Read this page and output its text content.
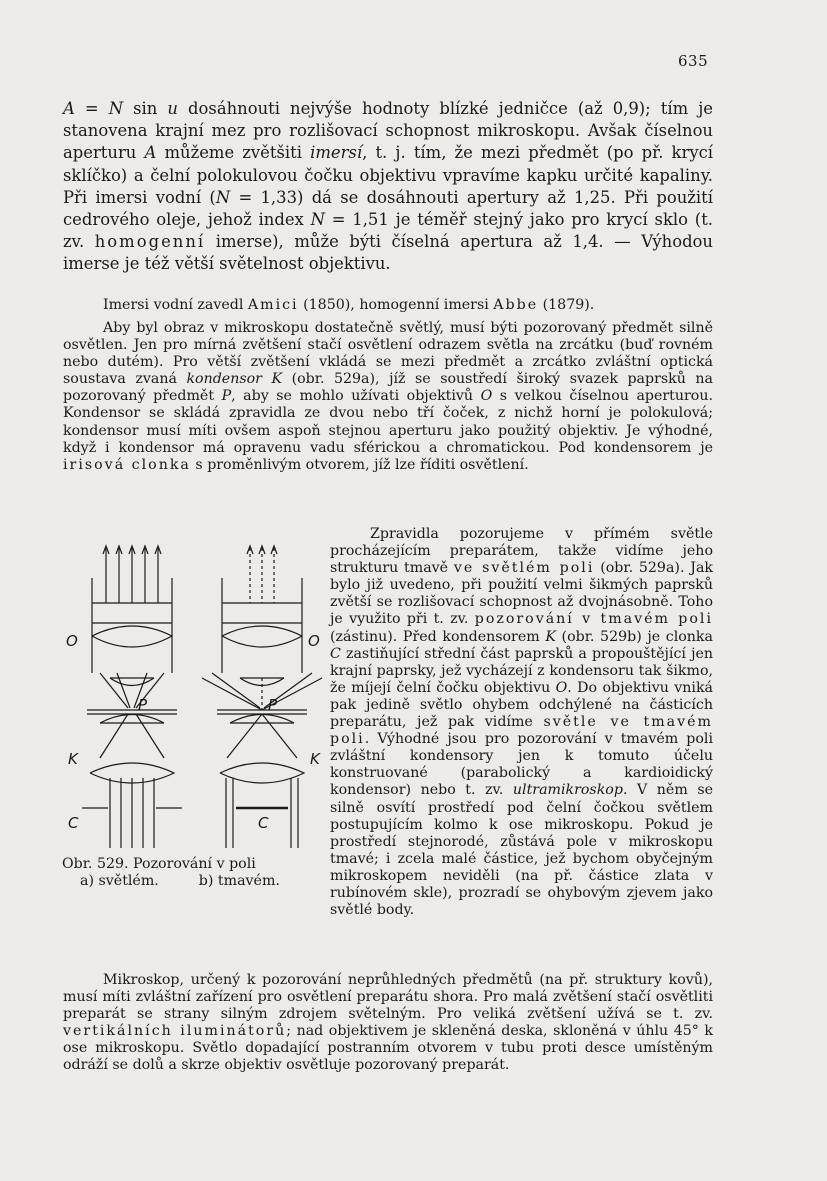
635

A = N sin u dosáhnouti nejvýše hodnoty blízké jedničce (až 0,9); tím je stanovena krajní mez pro rozlišovací schopnost mikroskopu. Avšak číselnou aperturu A můžeme zvětšiti imersí, t. j. tím, že mezi předmět (po př. krycí sklíčko) a čelní polokulovou čočku objektivu vpravíme kapku určité kapaliny. Při imersi vodní (N = 1,33) dá se dosáhnouti apertury až 1,25. Při použití cedrového oleje, jehož index N = 1,51 je téměř stejný jako pro krycí sklo (t. zv. homogenní imerse), může býti číselná apertura až 1,4. — Výhodou imerse je též větší světelnost objektivu.

Imersi vodní zavedl Amici (1850), homogenní imersi Abbe (1879).

Aby byl obraz v mikroskopu dostatečně světlý, musí býti pozorovaný předmět silně osvětlen. Jen pro mírná zvětšení stačí osvětlení odrazem světla na zrcátku (buď rovném nebo dutém). Pro větší zvětšení vkládá se mezi předmět a zrcátko zvláštní optická soustava zvaná kondensor K (obr. 529a), jíž se soustředí široký svazek paprsků na pozorovaný předmět P, aby se mohlo užívati objektivů O s velkou číselnou aperturou. Kondensor se skládá zpravidla ze dvou nebo tří čoček, z nichž horní je polokulová; kondensor musí míti ovšem aspoň stejnou aperturu jako použitý objektiv. Je výhodné, když i kondensor má opravenu vadu sférickou a chromatickou. Pod kondensorem je irisová clonka s proměnlivým otvorem, jíž lze říditi osvětlení.

Zpravidla pozorujeme v přímém světle procházejícím preparátem, takže vidíme jeho strukturu tmavě ve světlém poli (obr. 529a). Jak bylo již uvedeno, při použití velmi šikmých paprsků zvětší se rozlišovací schopnost až dvojnásobně. Toho je využito při t. zv. pozorování v tmavém poli (zástinu). Před kondensorem K (obr. 529b) je clonka C zastiňující střední část paprsků a propouštějící jen krajní paprsky, jež vycházejí z kondensoru tak šikmo, že míjejí čelní čočku objektivu O. Do objektivu vniká pak jedině světlo ohybem odchýlené na částicích preparátu, jež pak vidíme světle ve tmavém poli. Výhodné jsou pro pozorování v tmavém poli zvláštní kondensory jen k tomuto účelu konstruované (parabolický a kardioidický kondensor) nebo t. zv. ultramikroskop. V něm se silně osvítí prostředí pod čelní čočkou světlem postupujícím kolmo k ose mikroskopu. Pokud je prostředí stejnorodé, zůstává pole v mikroskopu tmavé; i zcela malé částice, jež bychom obyčejným mikroskopem neviděli (na př. částice zlata v rubínovém skle), prozradí se ohybovým zjevem jako světlé body.

Mikroskop, určený k pozorování neprůhledných předmětů (na př. struktury kovů), musí míti zvláštní zařízení pro osvětlení preparátu shora. Pro malá zvětšení stačí osvětliti preparát se strany silným zdrojem světelným. Pro veliká zvětšení užívá se t. zv. vertikálních iluminátorů; nad objektivem je skleněná deska, skloněná v úhlu 45° k ose mikroskopu. Světlo dopadající postranním otvorem v tubu proti desce umístěným odráží se dolů a skrze objektiv osvětluje pozorovaný preparát.

O	O
P	P
K	K
C	C
Obr. 529. Pozorování v poli
a) světlém.	b) tmavém.
